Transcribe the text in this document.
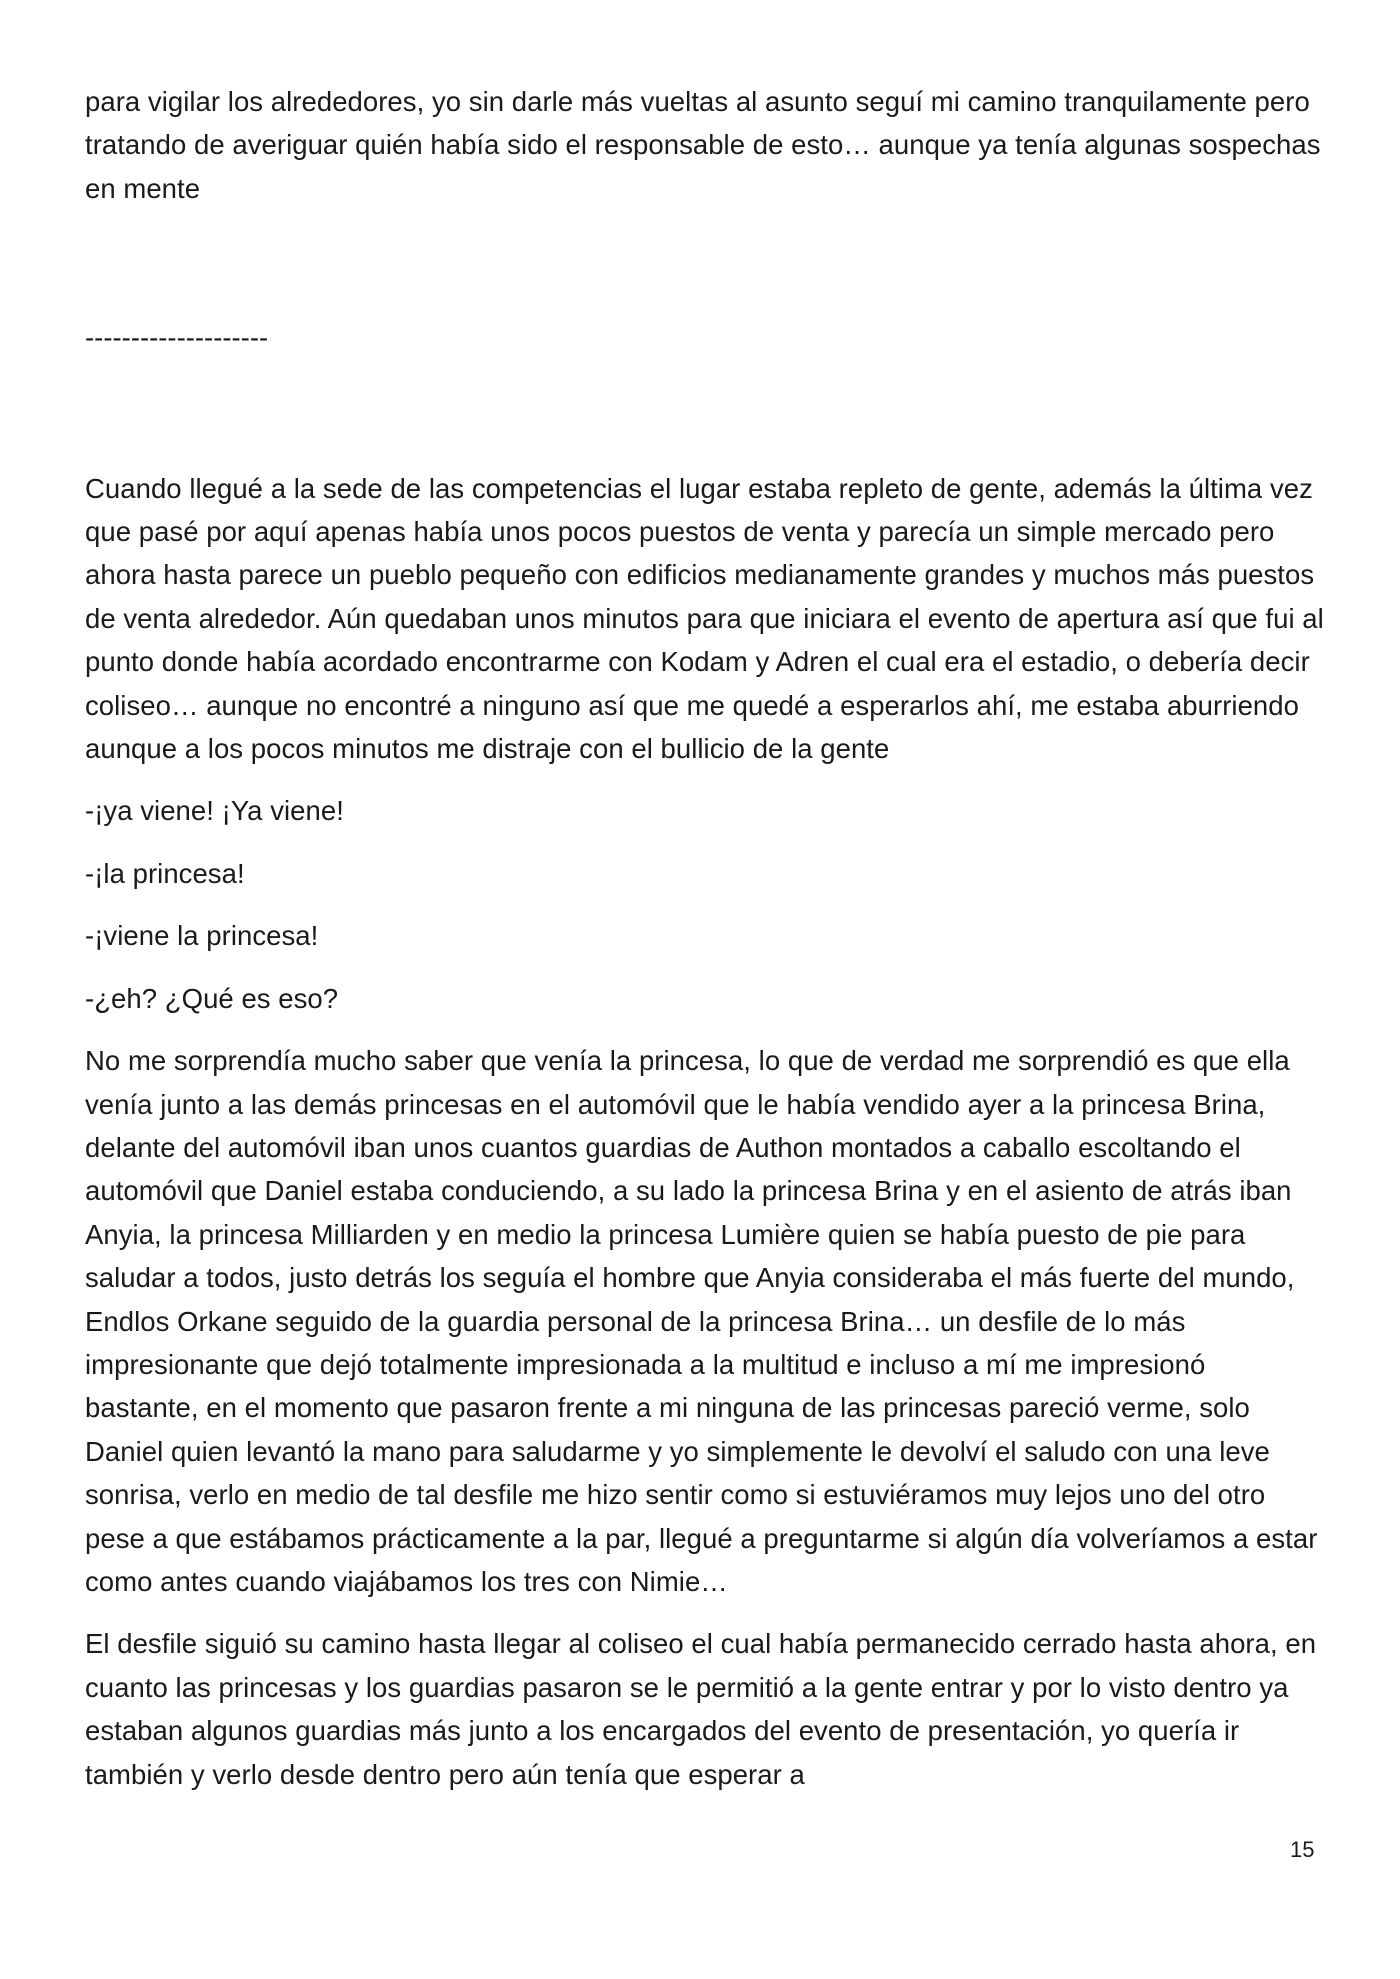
para vigilar los alrededores, yo sin darle más vueltas al asunto seguí mi camino tranquilamente pero tratando de averiguar quién había sido el responsable de esto… aunque ya tenía algunas sospechas en mente

--------------------

Cuando llegué a la sede de las competencias el lugar estaba repleto de gente, además la última vez que pasé por aquí apenas había unos pocos puestos de venta y parecía un simple mercado pero ahora hasta parece un pueblo pequeño con edificios medianamente grandes y muchos más puestos de venta alrededor. Aún quedaban unos minutos para que iniciara el evento de apertura así que fui al punto donde había acordado encontrarme con Kodam y Adren el cual era el estadio, o debería decir coliseo… aunque no encontré a ninguno así que me quedé a esperarlos ahí, me estaba aburriendo aunque a los pocos minutos me distraje con el bullicio de la gente

-¡ya viene! ¡Ya viene!

-¡la princesa!

-¡viene la princesa!

-¿eh? ¿Qué es eso?

No me sorprendía mucho saber que venía la princesa, lo que de verdad me sorprendió es que ella venía junto a las demás princesas en el automóvil que le había vendido ayer a la princesa Brina, delante del automóvil iban unos cuantos guardias de Authon montados a caballo escoltando el automóvil que Daniel estaba conduciendo, a su lado la princesa Brina y en el asiento de atrás iban Anyia, la princesa Milliarden y en medio la princesa Lumière quien se había puesto de pie para saludar a todos, justo detrás los seguía el hombre que Anyia consideraba el más fuerte del mundo, Endlos Orkane seguido de la guardia personal de la princesa Brina… un desfile de lo más impresionante que dejó totalmente impresionada a la multitud e incluso a mí me impresionó bastante, en el momento que pasaron frente a mi ninguna de las princesas pareció verme, solo Daniel quien levantó la mano para saludarme y yo simplemente le devolví el saludo con una leve sonrisa, verlo en medio de tal desfile me hizo sentir como si estuviéramos muy lejos uno del otro pese a que estábamos prácticamente a la par, llegué a preguntarme si algún día volveríamos a estar como antes cuando viajábamos los tres con Nimie…

El desfile siguió su camino hasta llegar al coliseo el cual había permanecido cerrado hasta ahora, en cuanto las princesas y los guardias pasaron se le permitió a la gente entrar y por lo visto dentro ya estaban algunos guardias más junto a los encargados del evento de presentación, yo quería ir también y verlo desde dentro pero aún tenía que esperar a

15
